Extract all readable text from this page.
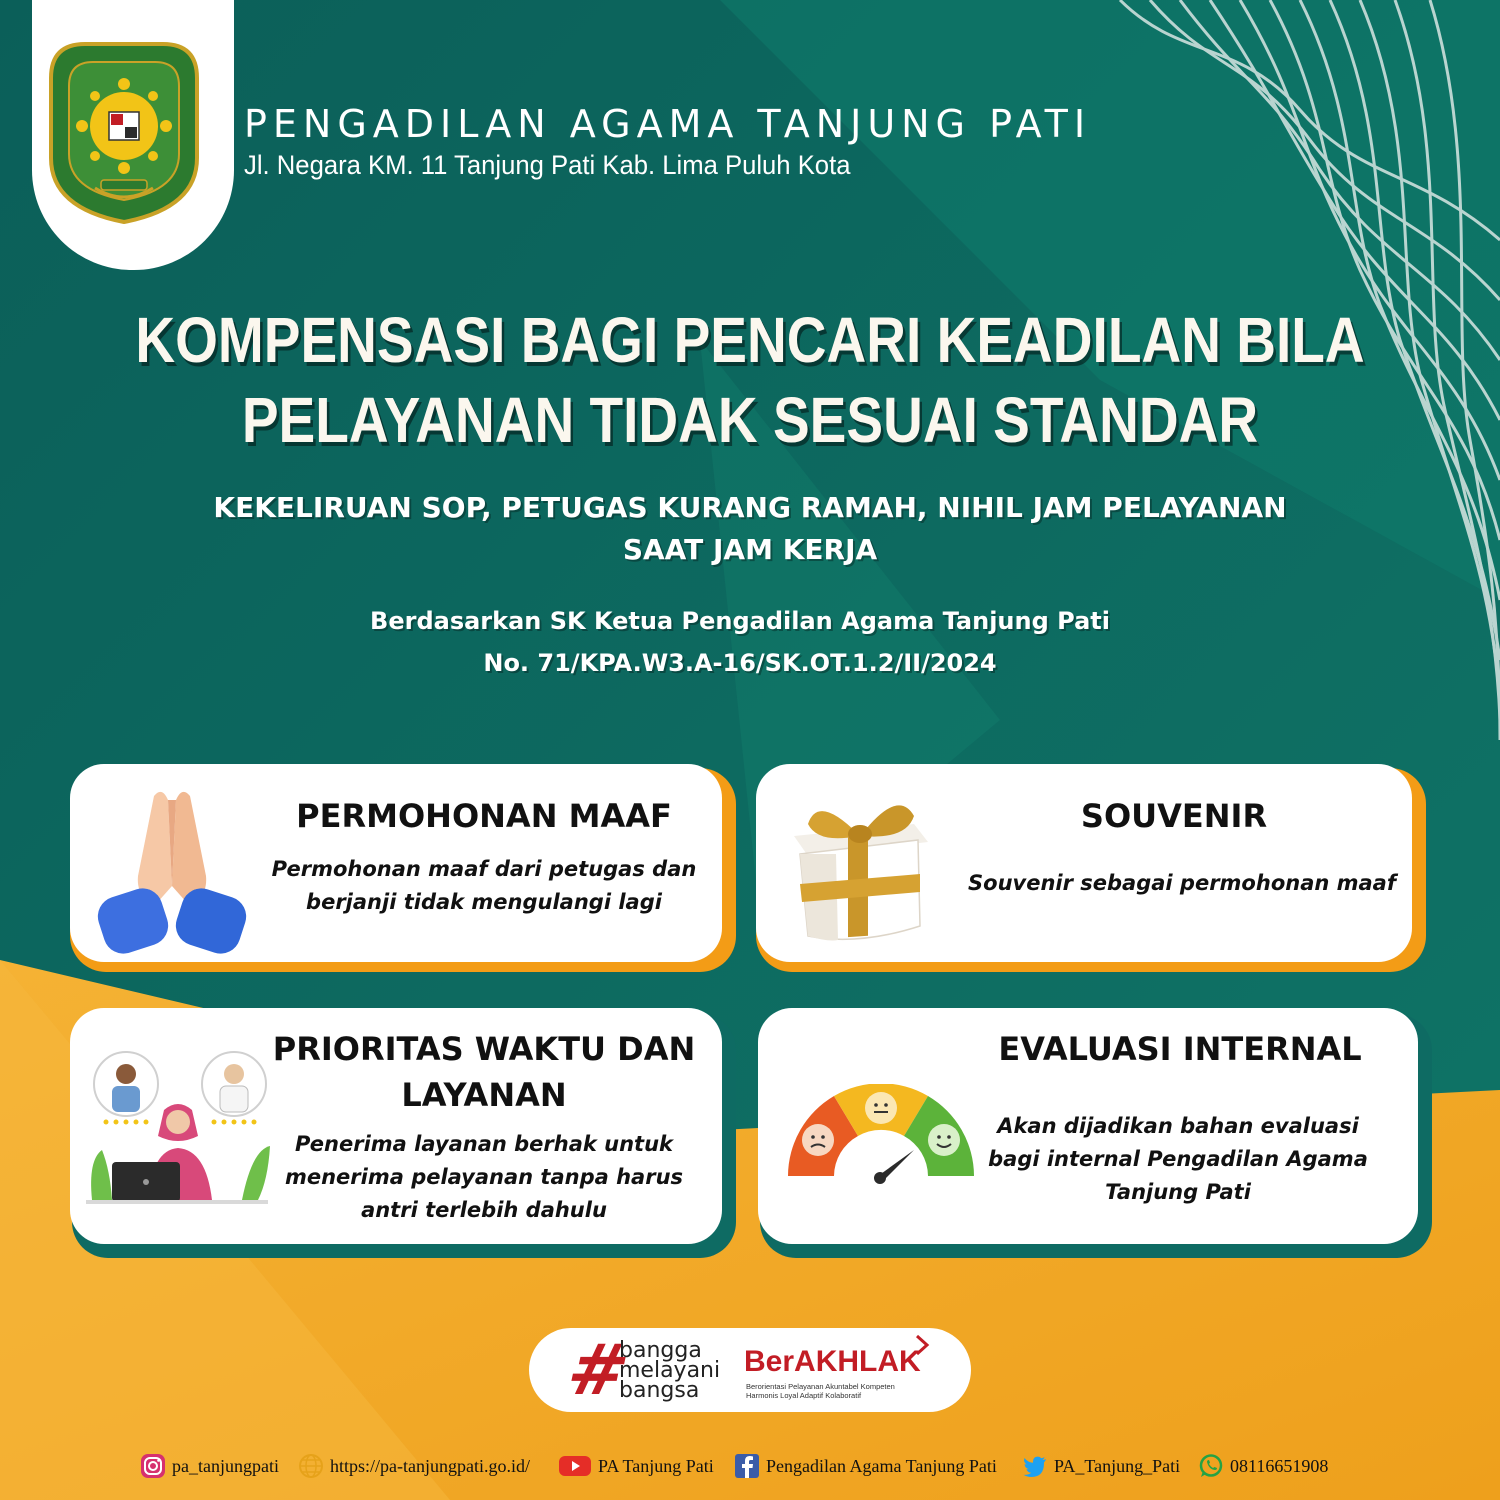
PENGADILAN AGAMA TANJUNG PATI
Jl. Negara KM. 11 Tanjung Pati Kab. Lima Puluh Kota
KOMPENSASI BAGI PENCARI KEADILAN BILA
PELAYANAN TIDAK SESUAI STANDAR
KEKELIRUAN SOP, PETUGAS KURANG RAMAH, NIHIL JAM PELAYANAN
SAAT JAM KERJA
Berdasarkan SK Ketua Pengadilan Agama Tanjung Pati
No. 71/KPA.W3.A-16/SK.OT.1.2/II/2024
PERMOHONAN MAAF
Permohonan maaf dari petugas dan
berjanji tidak mengulangi lagi
SOUVENIR
Souvenir sebagai permohonan maaf
PRIORITAS WAKTU DAN
LAYANAN
Penerima layanan berhak untuk
menerima pelayanan tanpa harus
antri terlebih dahulu
EVALUASI INTERNAL
Akan dijadikan bahan evaluasi
bagi internal Pengadilan Agama
Tanjung Pati
#
bangga
melayani
bangsa
BerAKHLAK
Berorientasi Pelayanan Akuntabel Kompeten
Harmonis Loyal Adaptif Kolaboratif
pa_tanjungpati	https://pa-tanjungpati.go.id/	PA Tanjung Pati	Pengadilan Agama Tanjung Pati	PA_Tanjung_Pati	08116651908
